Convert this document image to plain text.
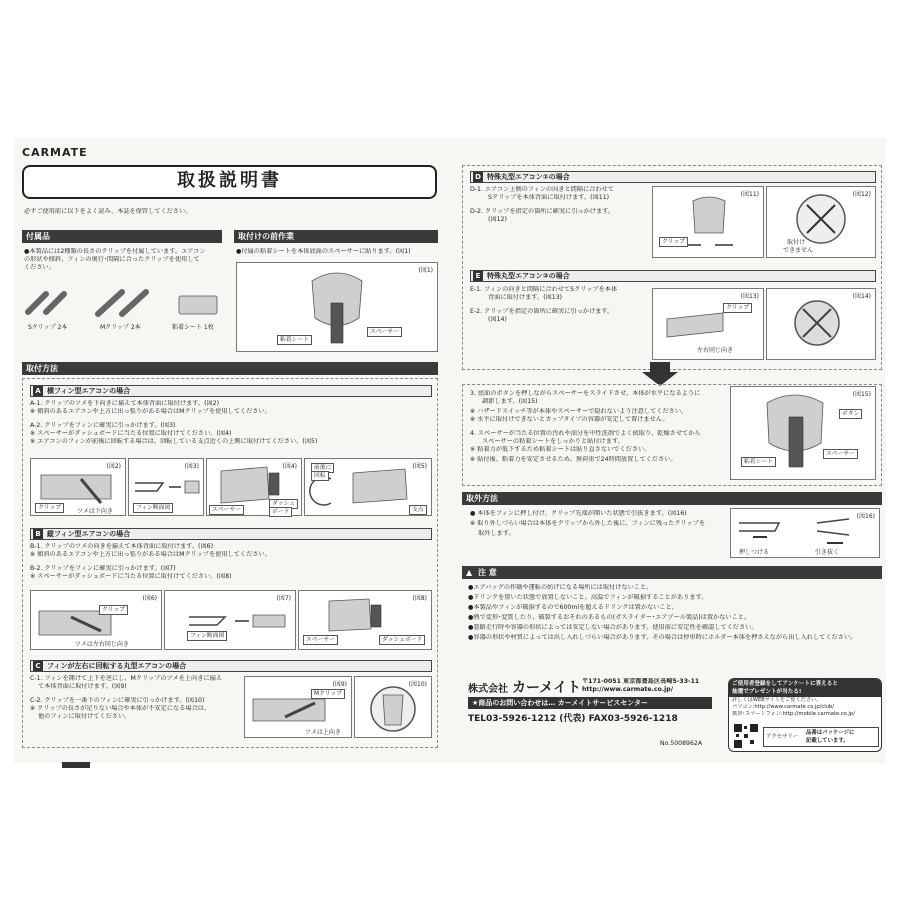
CARMATE
取扱説明書
必ずご使用前に以下をよく読み、本誌を保管してください。
付属品
●本製品には2種類の長さのクリップを付属しています。エアコン
の形状や傾斜、フィンの奥行･間隔に合ったクリップを使用して
ください。
Sクリップ 2本	Mクリップ 2本	粘着シート 1枚
取付けの前作業
●付属の粘着シートを本体底面のスペーサーに貼ります。(図1)
(図1)
粘着シート
スペーサー
取付方法
A 横フィン型エアコンの場合
A-1. クリップのツメを下向きに揃えて本体背面に取付けます。(図2)
※ 傾斜のあるエアコンや上方に出っ張りがある場合はMクリップを使用してください。
A-2. クリップをフィンに確実に引っかけます。(図3)
※ スペーサーがダッシュボードに当たる位置に取付けてください。(図4)
※ エアコンのフィンが前後に回転する場合は、回転している支点近くの上側に取付けてください。(図5)
(図2)
クリップ	ツメは下向き
(図3)
フィン断面図
(図4)
スペーサー
ダッシュ
ボード
(図5)
前後に
回転
支点
B 縦フィン型エアコンの場合
B-1. クリップのツメの向きを揃えて本体背面に取付けます。(図6)
※ 傾斜のあるエアコンや上方に出っ張りがある場合はMクリップを使用してください。
B-2. クリップをフィンに確実に引っかけます。(図7)
※ スペーサーがダッシュボードに当たる位置に取付けてください。(図8)
(図6)
クリップ
ツメは左右同じ向き
(図7)
フィン断面図
(図8)
スペーサー	ダッシュボード
C フィンが左右に回転する丸型エアコンの場合
C-1. フィンを開けて上下を逆にし、Mクリップのツメを上向きに揃え
て本体背面に取付けます。(図9)
C-2. クリップを一番下のフィンに確実に引っかけます。(図10)
※ クリップの長さが足りない場合や本体が不安定になる場合は、
他のフィンに取付けてください。
(図9)
Mクリップ
ツメは上向き
(図10)
D 特殊丸型エアコン①の場合
D-1. エアコン上側のフィンの向きと間隔に合わせて
Sクリップを本体背面に取付けます。(図11)
D-2. クリップを指定の箇所に確実に引っかけます。
(図12)
(図11)
クリップ
(図12)
取付け
できません
E 特殊丸型エアコン②の場合
E-1. フィンの向きと間隔に合わせてSクリップを本体
背面に取付けます。(図13)
E-2. クリップを指定の箇所に確実に引っかけます。
(図14)
(図13)
クリップ
左右同じ向き
(図14)
3. 底面のボタンを押しながらスペーサーをスライドさせ、本体が水平になるように
調節します。(図15)
※ ハザードスイッチ等が本体やスペーサーで隠れないよう注意してください。
※ 水平に取付けできないとカップタイプの容器が安定して置けません。
4. スペーサーが当たる位置の汚れや油分を中性洗剤でよく拭取り、乾燥させてから
スペーサーの粘着シートをしっかりと貼付けます。
※ 粘着力が低下するため粘着シートは貼り直さないでください。
※ 貼付後、粘着力を安定させるため、無荷重で24時間放置してください。
(図15)
ボタン
粘着シート
スペーサー
取外方法
● 本体をフィンに押し付け、クリップ先端が開いた状態で引抜きます。(図16)
※ 取り外しづらい場合は本体をクリップから外した後に、フィンに残ったクリップを
取外します。
(図16)
押しつける	引き抜く
▲ 注 意
●エアバッグの作動や運転の妨げになる場所には取付けないこと。
●ドリンクを置いた状態で放置しないこと。高温でフィンが破損することがあります。
●本製品やフィンが破損するので600mlを超えるドリンクは置かないこと。
●熱で変形･変質したり、破裂するおそれのあるもの(ガスライター･エアゾール製品)は置かないこと。
●悪路走行時や容器の形状によっては安定しない場合があります。使用前に安定性を確認してください。
●容器の形状や材質によっては出し入れしづらい場合があります。その場合は停車時にホルダー本体を押さえながら出し入れしてください。
株式会社 カーメイト 〒171-0051 東京都豊島区長崎5-33-11
http://www.carmate.co.jp/
★商品のお問い合わせは… カーメイトサービスセンター
TEL03-5926-1212 (代表) FAX03-5926-1218
No.5008962A
ご使用者登録をしてアンケートに答えると
抽選でプレゼントが当たる!
詳しくはWEBサイトをご覧ください。
パソコン:http://www.carmate.co.jp/club/
携帯･スマートフォン:http://mobile.carmate.co.jp/
アクセサリー
品番はパッケージに
記載しています。
